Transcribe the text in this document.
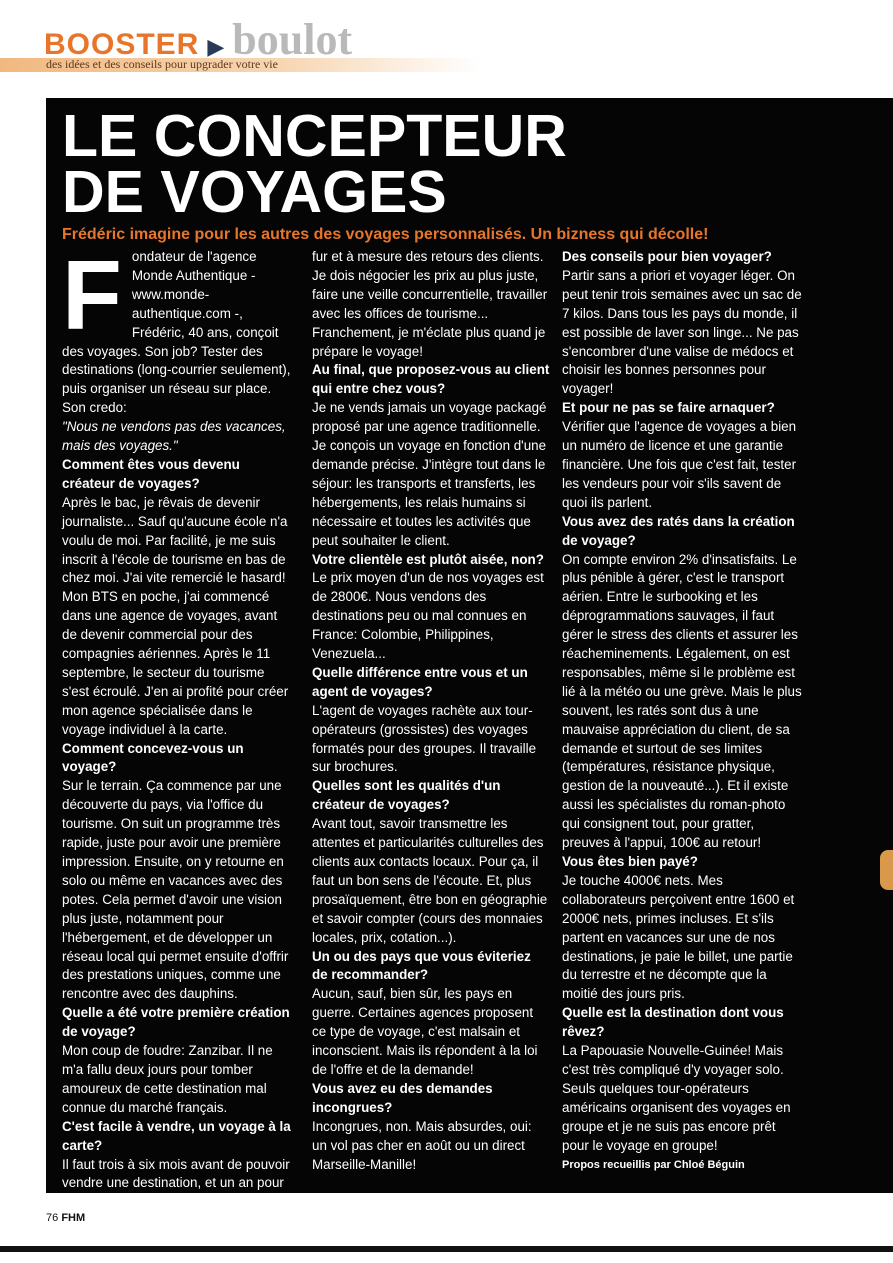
BOOSTER ▶ boulot
des idées et des conseils pour upgrader votre vie
LE CONCEPTEUR
DE VOYAGES
Frédéric imagine pour les autres des voyages personnalisés. Un bizness qui décolle!
F ondateur de l'agence Monde Authentique - www.monde-authentique.com -, Frédéric, 40 ans, conçoit des voyages. Son job? Tester des destinations (long-courrier seulement), puis organiser un réseau sur place. Son credo:

"Nous ne vendons pas des vacances, mais des voyages."

Comment êtes vous devenu créateur de voyages?

Après le bac, je rêvais de devenir journaliste... Sauf qu'aucune école n'a voulu de moi. Par facilité, je me suis inscrit à l'école de tourisme en bas de chez moi. J'ai vite remercié le hasard! Mon BTS en poche, j'ai commencé dans une agence de voyages, avant de devenir commercial pour des compagnies aériennes. Après le 11 septembre, le secteur du tourisme s'est écroulé. J'en ai profité pour créer mon agence spécialisée dans le voyage individuel à la carte.

Comment concevez-vous un voyage?

Sur le terrain. Ça commence par une découverte du pays, via l'office du tourisme. On suit un programme très rapide, juste pour avoir une première impression. Ensuite, on y retourne en solo ou même en vacances avec des potes. Cela permet d'avoir une vision plus juste, notamment pour l'hébergement, et de développer un réseau local qui permet ensuite d'offrir des prestations uniques, comme une rencontre avec des dauphins.

Quelle a été votre première création de voyage?

Mon coup de foudre: Zanzibar. Il ne m'a fallu deux jours pour tomber amoureux de cette destination mal connue du marché français.

C'est facile à vendre, un voyage à la carte?

Il faut trois à six mois avant de pouvoir vendre une destination, et un an pour avoir une vraie maturité. On ajuste au

fur et à mesure des retours des clients. Je dois négocier les prix au plus juste, faire une veille concurrentielle, travailler avec les offices de tourisme... Franchement, je m'éclate plus quand je prépare le voyage!

Au final, que proposez-vous au client qui entre chez vous?

Je ne vends jamais un voyage packagé proposé par une agence traditionnelle. Je conçois un voyage en fonction d'une demande précise. J'intègre tout dans le séjour: les transports et transferts, les hébergements, les relais humains si nécessaire et toutes les activités que peut souhaiter le client.

Votre clientèle est plutôt aisée, non?

Le prix moyen d'un de nos voyages est de 2800€. Nous vendons des destinations peu ou mal connues en France: Colombie, Philippines, Venezuela...

Quelle différence entre vous et un agent de voyages?

L'agent de voyages rachète aux tour-opérateurs (grossistes) des voyages formatés pour des groupes. Il travaille sur brochures.

Quelles sont les qualités d'un créateur de voyages?

Avant tout, savoir transmettre les attentes et particularités culturelles des clients aux contacts locaux. Pour ça, il faut un bon sens de l'écoute. Et, plus prosaïquement, être bon en géographie et savoir compter (cours des monnaies locales, prix, cotation...).

Un ou des pays que vous éviteriez de recommander?

Aucun, sauf, bien sûr, les pays en guerre. Certaines agences proposent ce type de voyage, c'est malsain et inconscient. Mais ils répondent à la loi de l'offre et de la demande!

Vous avez eu des demandes incongrues?

Incongrues, non. Mais absurdes, oui: un vol pas cher en août ou un direct Marseille-Manille!

Des conseils pour bien voyager?

Partir sans a priori et voyager léger. On peut tenir trois semaines avec un sac de 7 kilos. Dans tous les pays du monde, il est possible de laver son linge... Ne pas s'encombrer d'une valise de médocs et choisir les bonnes personnes pour voyager!

Et pour ne pas se faire arnaquer?

Vérifier que l'agence de voyages a bien un numéro de licence et une garantie financière. Une fois que c'est fait, tester les vendeurs pour voir s'ils savent de quoi ils parlent.

Vous avez des ratés dans la création de voyage?

On compte environ 2% d'insatisfaits. Le plus pénible à gérer, c'est le transport aérien. Entre le surbooking et les déprogrammations sauvages, il faut gérer le stress des clients et assurer les réacheminements. Légalement, on est responsables, même si le problème est lié à la météo ou une grève. Mais le plus souvent, les ratés sont dus à une mauvaise appréciation du client, de sa demande et surtout de ses limites (températures, résistance physique, gestion de la nouveauté...). Et il existe aussi les spécialistes du roman-photo qui consignent tout, pour gratter, preuves à l'appui, 100€ au retour!

Vous êtes bien payé?

Je touche 4000€ nets. Mes collaborateurs perçoivent entre 1600 et 2000€ nets, primes incluses. Et s'ils partent en vacances sur une de nos destinations, je paie le billet, une partie du terrestre et ne décompte que la moitié des jours pris.

Quelle est la destination dont vous rêvez?

La Papouasie Nouvelle-Guinée! Mais c'est très compliqué d'y voyager solo. Seuls quelques tour-opérateurs américains organisent des voyages en groupe et je ne suis pas encore prêt pour le voyage en groupe!

Propos recueillis par Chloé Béguin

76 FHM
